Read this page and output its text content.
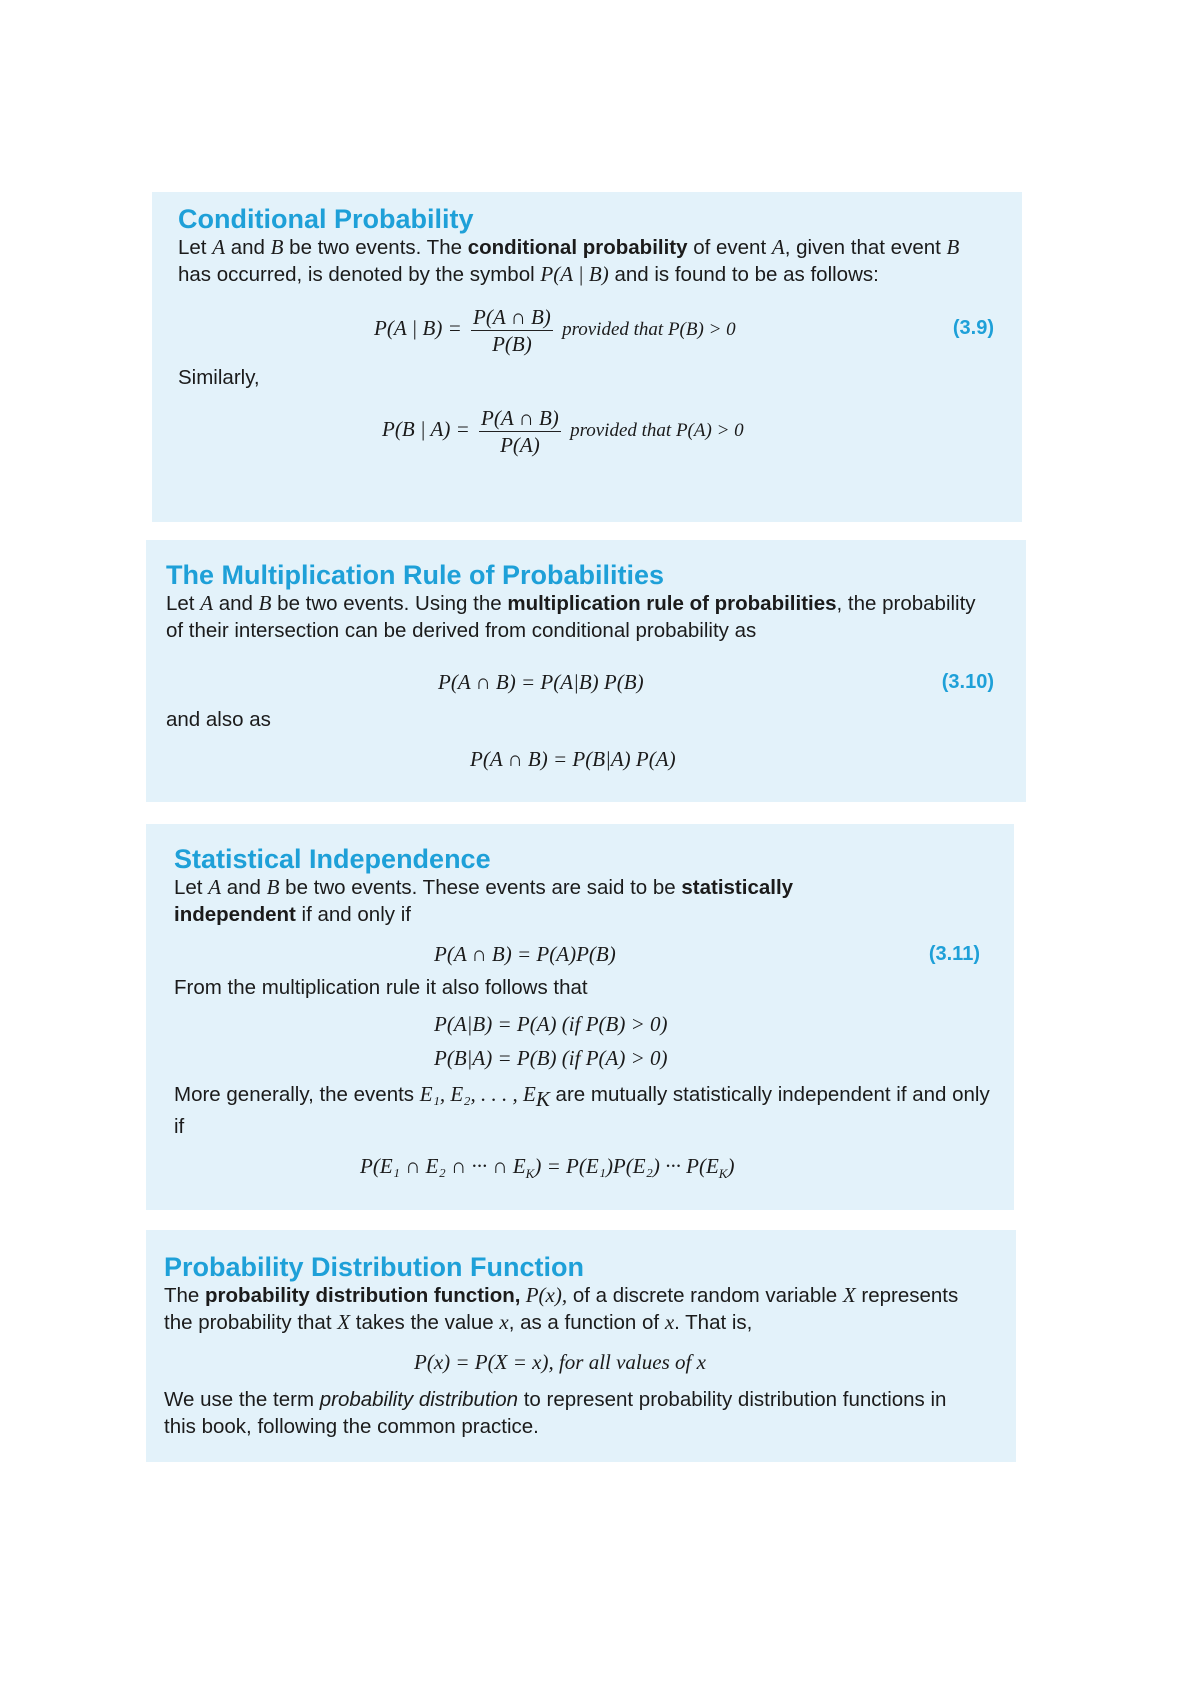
Conditional Probability

Let A and B be two events. The conditional probability of event A, given that event B has occurred, is denoted by the symbol P(A | B) and is found to be as follows:

P(A | $B) = \frac{P(A \cap B)}{P(B)}$ provided that P(B) > 0	(3.9)

Similarly,

P(B | $A) = \frac{P(A \cap B)}{P(A)}$ provided that P(A) > 0
The Multiplication Rule of Probabilities

Let A and B be two events. Using the multiplication rule of probabilities, the probability of their intersection can be derived from conditional probability as

P(A ∩ B) = P(A|B) P(B)	(3.10)

and also as

P(A ∩ B) = P(B|A) P(A)
Statistical Independence

Let A and B be two events. These events are said to be statistically independent if and only if

P(A ∩ B) = P(A)P(B)	(3.11)

From the multiplication rule it also follows that

P(A|B) = P(A) (if P(B) > 0)
P(B|A) = P(B) (if P(A) > 0)

More generally, the events E₁, E₂, . . . , $E_K$ are mutually statistically independent if and only if

P(E₁ ∩ E₂ ∩ ··· ∩ $E_K) = P(E_1)P(E_2)$ ··· $P(E_K)$
Probability Distribution Function

The probability distribution function, P(x), of a discrete random variable X represents the probability that X takes the value x, as a function of x. That is,

P(x) = P(X = x), for all values of x

We use the term probability distribution to represent probability distribution functions in this book, following the common practice.
